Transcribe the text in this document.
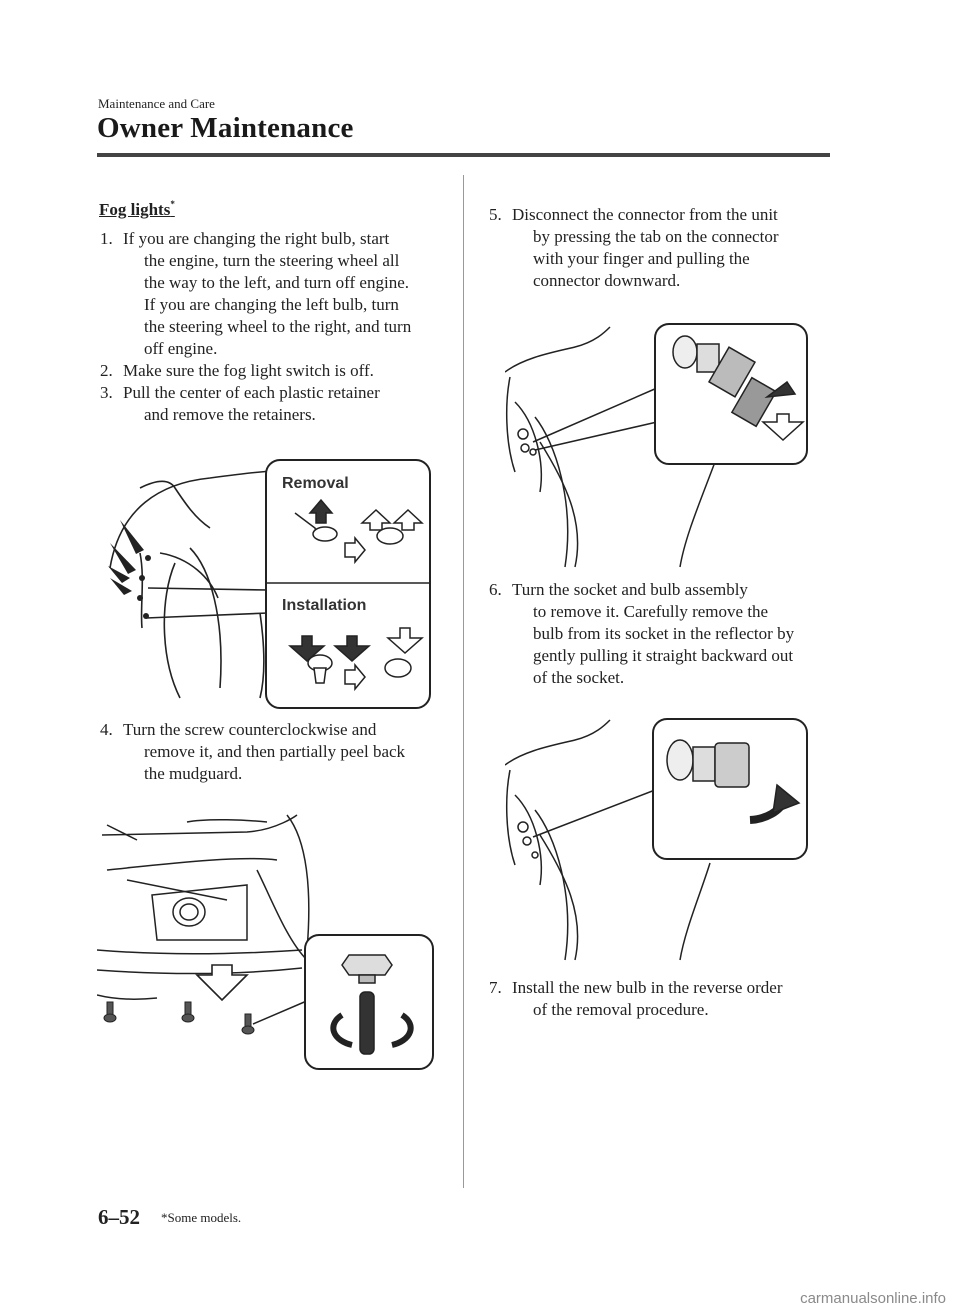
Maintenance and Care
Owner Maintenance
Fog lights*
1. If you are changing the right bulb, start
the engine, turn the steering wheel all
the way to the left, and turn off engine.
If you are changing the left bulb, turn
the steering wheel to the right, and turn
off engine.
2. Make sure the fog light switch is off.
3. Pull the center of each plastic retainer
and remove the retainers.
4. Turn the screw counterclockwise and
remove it, and then partially peel back
the mudguard.
5. Disconnect the connector from the unit
by pressing the tab on the connector
with your finger and pulling the
connector downward.
6. Turn the socket and bulb assembly
to remove it. Carefully remove the
bulb from its socket in the reflector by
gently pulling it straight backward out
of the socket.
7. Install the new bulb in the reverse order
of the removal procedure.
Removal
Installation
6–52 *Some models.
carmanualsonline.info
